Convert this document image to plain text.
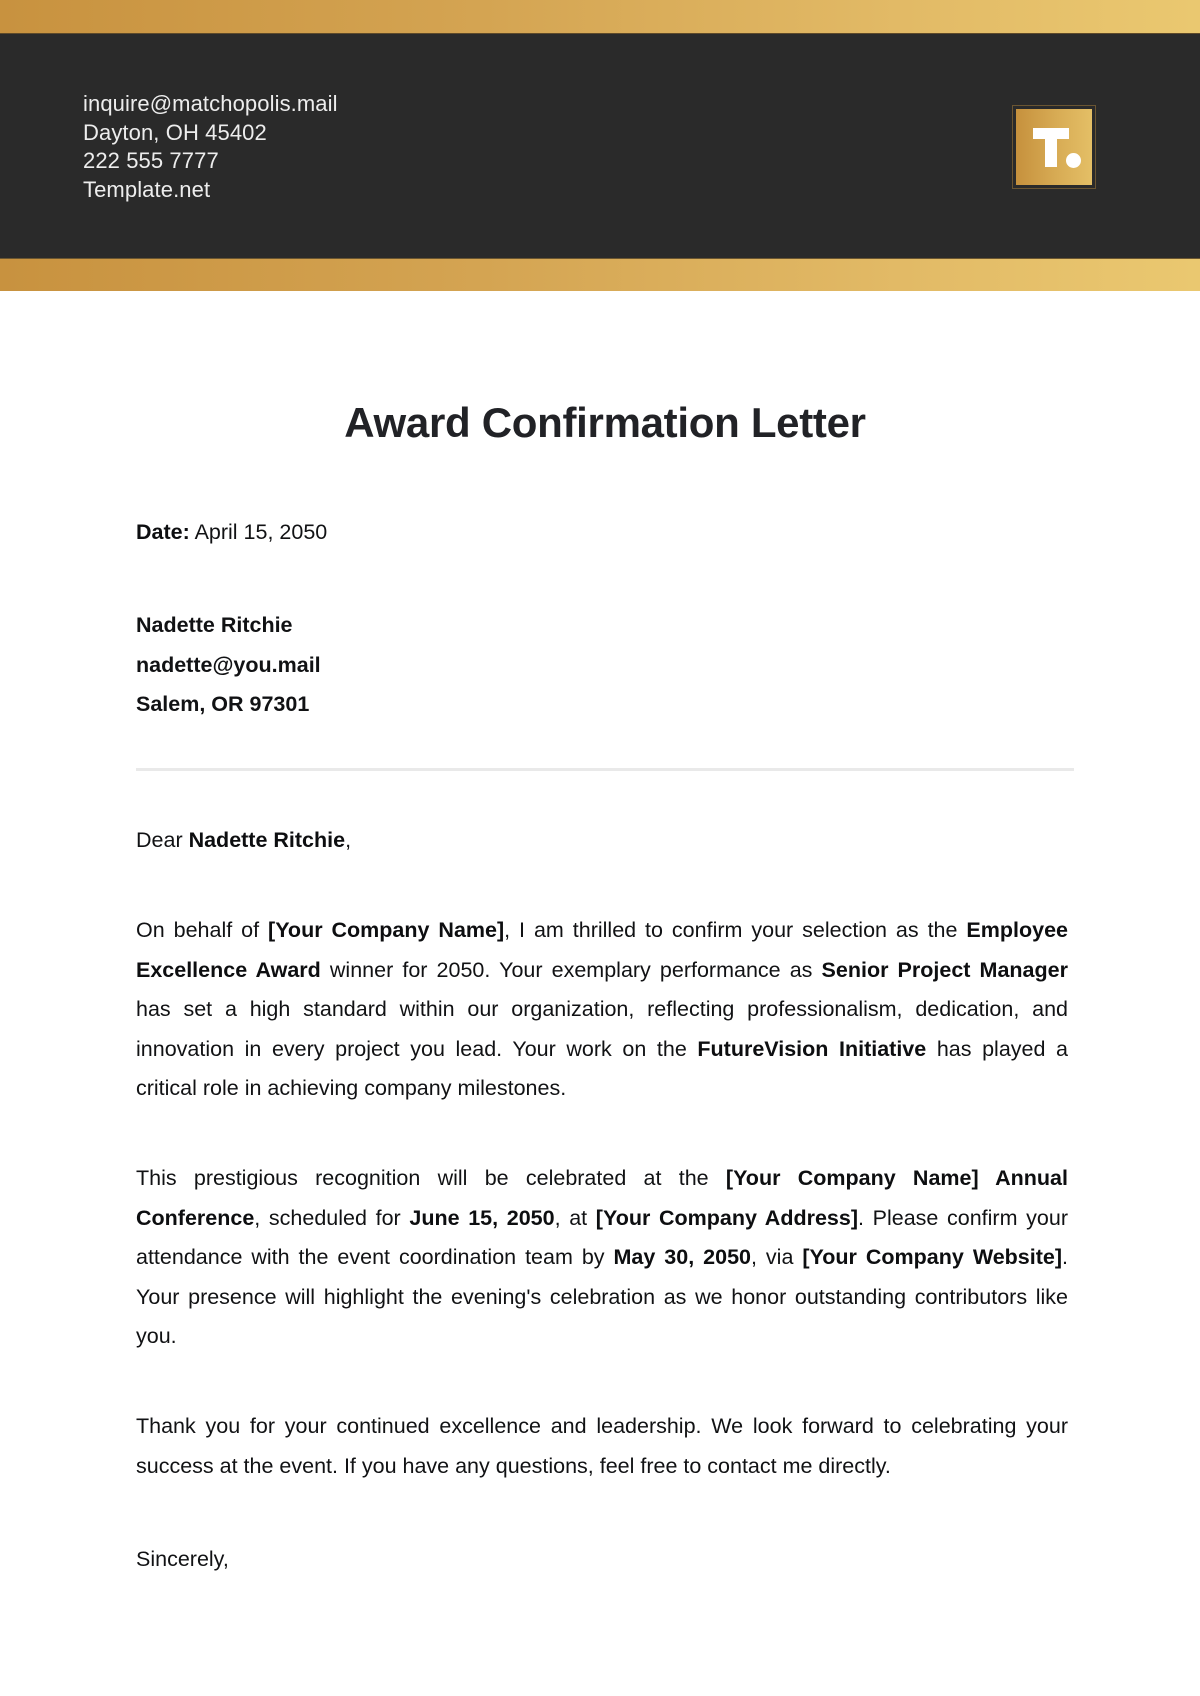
inquire@matchopolis.mail
Dayton, OH 45402
222 555 7777
Template.net
Award Confirmation Letter
Date: April 15, 2050
Nadette Ritchie
nadette@you.mail
Salem, OR 97301
Dear Nadette Ritchie,

On behalf of [Your Company Name], I am thrilled to confirm your selection as the Employee Excellence Award winner for 2050. Your exemplary performance as Senior Project Manager has set a high standard within our organization, reflecting professionalism, dedication, and innovation in every project you lead. Your work on the FutureVision Initiative has played a critical role in achieving company milestones.

This prestigious recognition will be celebrated at the [Your Company Name] Annual Conference, scheduled for June 15, 2050, at [Your Company Address]. Please confirm your attendance with the event coordination team by May 30, 2050, via [Your Company Website]. Your presence will highlight the evening's celebration as we honor outstanding contributors like you.

Thank you for your continued excellence and leadership. We look forward to celebrating your success at the event. If you have any questions, feel free to contact me directly.

Sincerely,
